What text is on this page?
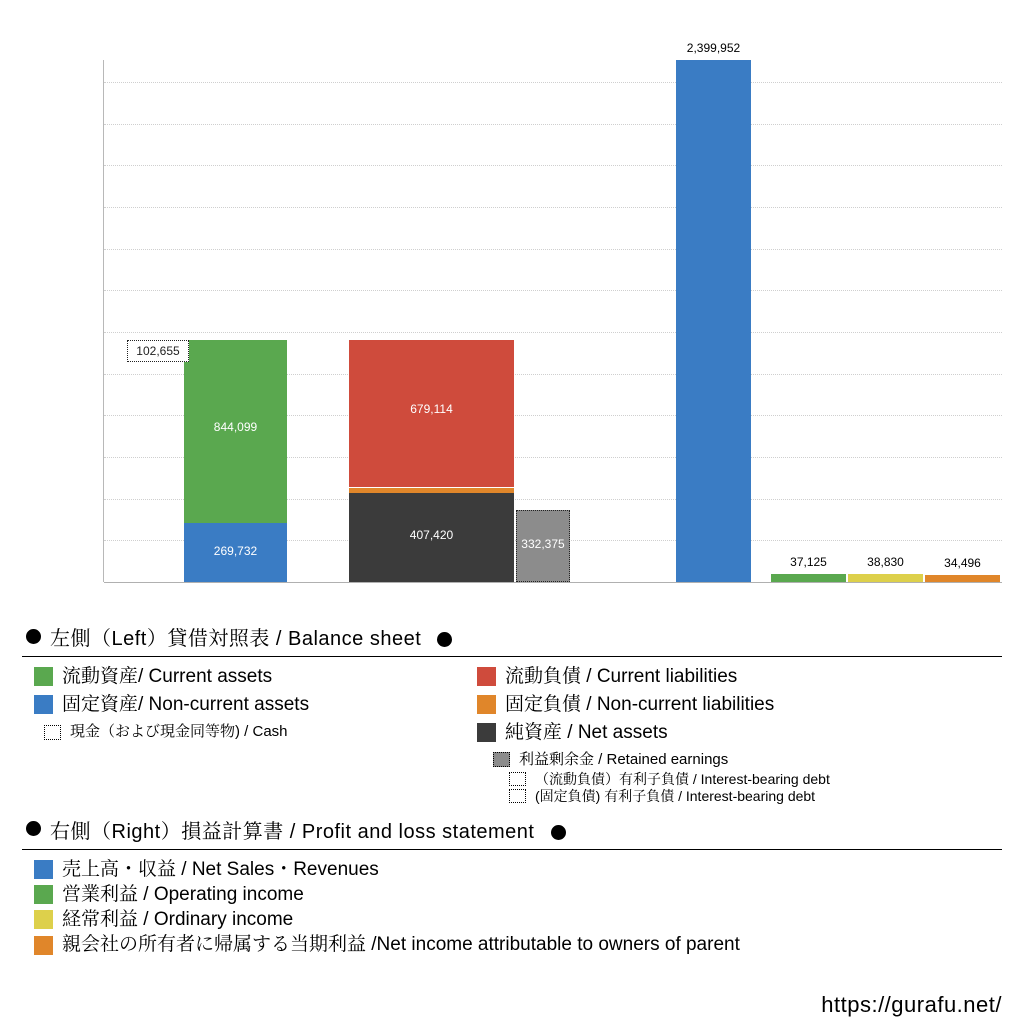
269,732
844,099
102,655
407,420
679,114
332,375
2,399,952
37,125	38,830	34,496
左側（Left）貸借対照表 / Balance sheet
流動資産/ Current assets
固定資産/ Non-current assets
現金（および現金同等物) / Cash
流動負債 / Current liabilities
固定負債 / Non-current liabilities
純資産 / Net assets
利益剰余金 / Retained earnings
（流動負債）有利子負債 / Interest-bearing debt
(固定負債) 有利子負債 / Interest-bearing debt
右側（Right）損益計算書 / Profit and loss statement
売上高・収益 / Net Sales・Revenues
営業利益 / Operating income
経常利益 / Ordinary income
親会社の所有者に帰属する当期利益 /Net income attributable to owners of parent
https://gurafu.net/
